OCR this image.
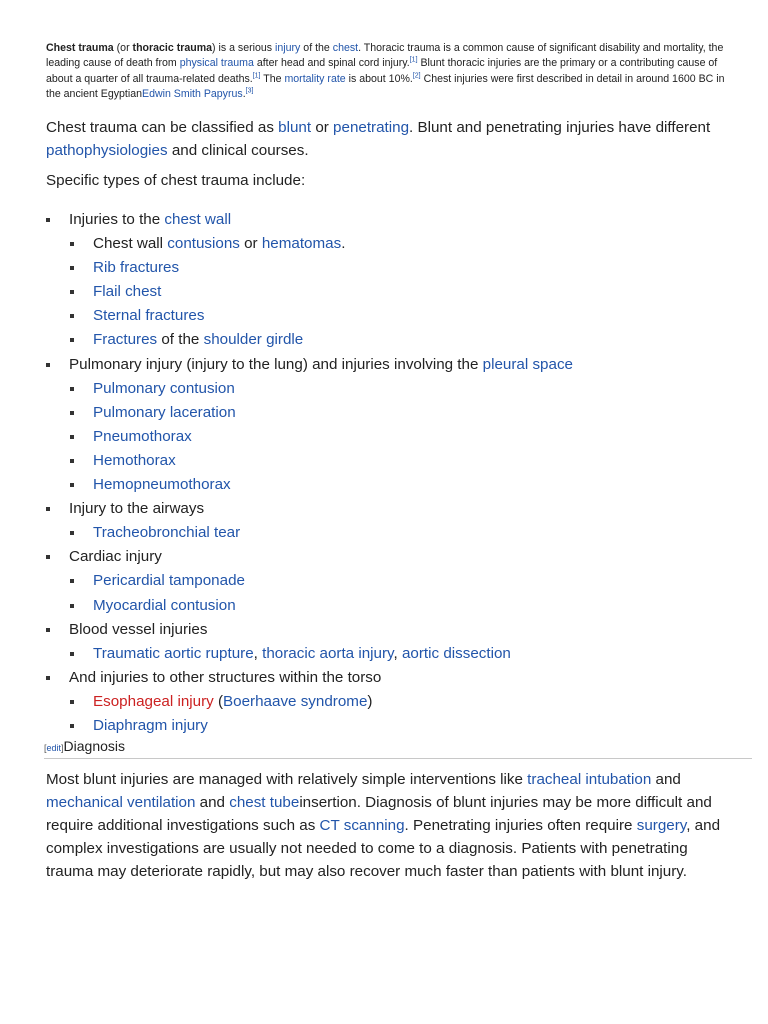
Chest trauma (or thoracic trauma) is a serious injury of the chest. Thoracic trauma is a common cause of significant disability and mortality, the leading cause of death from physical trauma after head and spinal cord injury.[1] Blunt thoracic injuries are the primary or a contributing cause of about a quarter of all trauma-related deaths.[1] The mortality rate is about 10%.[2] Chest injuries were first described in detail in around 1600 BC in the ancient EgyptianEdwin Smith Papyrus.[3]

Chest trauma can be classified as blunt or penetrating. Blunt and penetrating injuries have different pathophysiologies and clinical courses.

Specific types of chest trauma include:

Injuries to the chest wall
Chest wall contusions or hematomas.
Rib fractures
Flail chest
Sternal fractures
Fractures of the shoulder girdle
Pulmonary injury (injury to the lung) and injuries involving the pleural space
Pulmonary contusion
Pulmonary laceration
Pneumothorax
Hemothorax
Hemopneumothorax
Injury to the airways
Tracheobronchial tear
Cardiac injury
Pericardial tamponade
Myocardial contusion
Blood vessel injuries
Traumatic aortic rupture, thoracic aorta injury, aortic dissection
And injuries to other structures within the torso
Esophageal injury (Boerhaave syndrome)
Diaphragm injury
[edit]Diagnosis

Most blunt injuries are managed with relatively simple interventions like tracheal intubation and mechanical ventilation and chest tubeinsertion. Diagnosis of blunt injuries may be more difficult and require additional investigations such as CT scanning. Penetrating injuries often require surgery, and complex investigations are usually not needed to come to a diagnosis. Patients with penetrating trauma may deteriorate rapidly, but may also recover much faster than patients with blunt injury.
